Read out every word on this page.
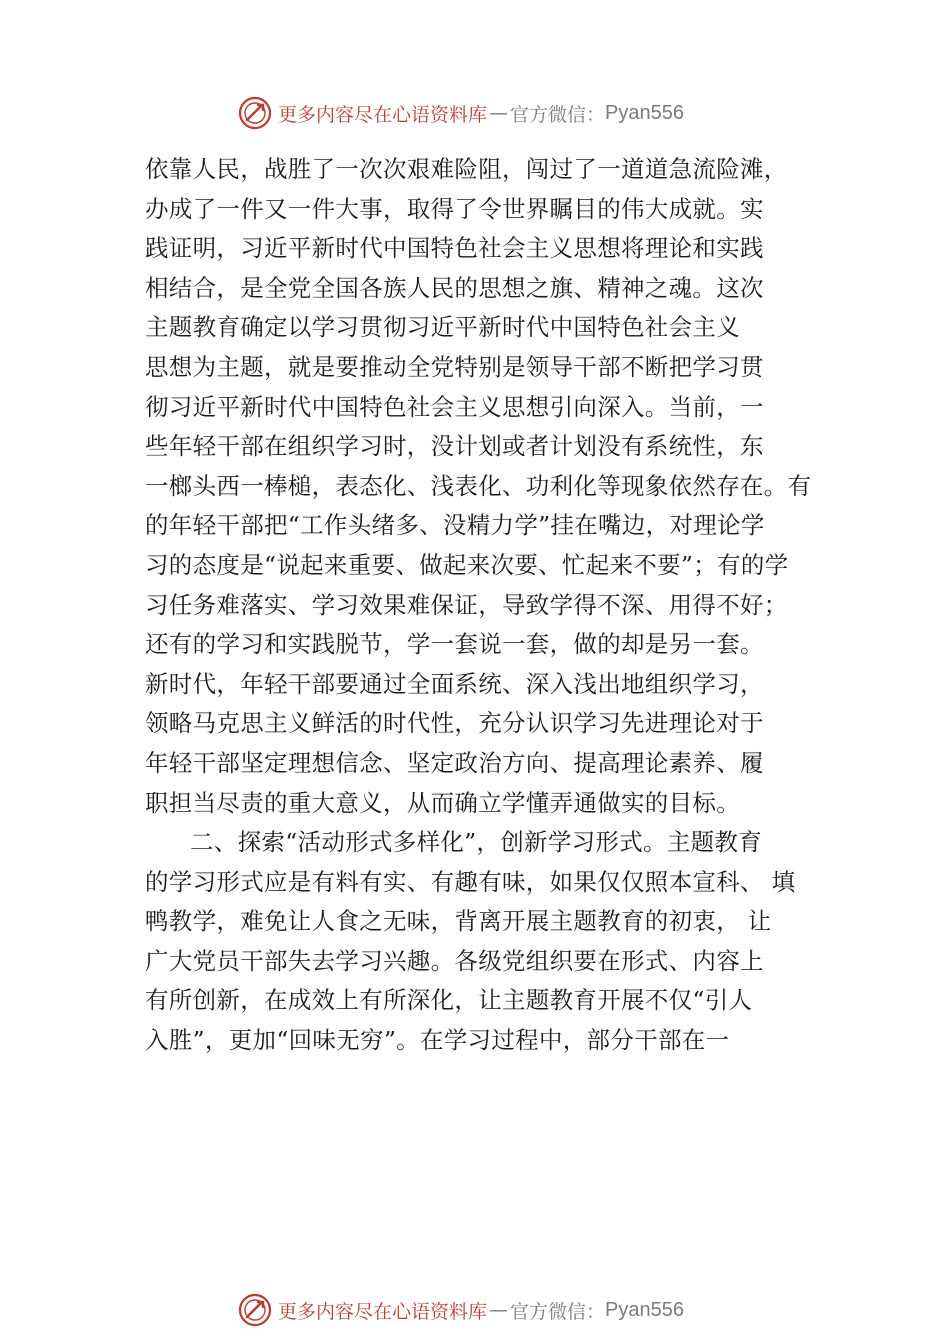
更多内容尽在心语资料库 — 官方微信： Pyan556
依靠人民，战胜了一次次艰难险阻，闯过了一道道急流险滩，
办成了一件又一件大事，取得了令世界瞩目的伟大成就。实
践证明，习近平新时代中国特色社会主义思想将理论和实践
相结合，是全党全国各族人民的思想之旗、精神之魂。这次
主题教育确定以学习贯彻习近平新时代中国特色社会主义
思想为主题，就是要推动全党特别是领导干部不断把学习贯
彻习近平新时代中国特色社会主义思想引向深入。当前，一
些年轻干部在组织学习时，没计划或者计划没有系统性，东
一榔头西一棒槌，表态化、浅表化、功利化等现象依然存在。有
的年轻干部把“工作头绪多、没精力学”挂在嘴边，对理论学
习的态度是“说起来重要、做起来次要、忙起来不要”；有的学
习任务难落实、学习效果难保证，导致学得不深、用得不好；
还有的学习和实践脱节，学一套说一套，做的却是另一套。
新时代，年轻干部要通过全面系统、深入浅出地组织学习，
领略马克思主义鲜活的时代性，充分认识学习先进理论对于
年轻干部坚定理想信念、坚定政治方向、提高理论素养、履
职担当尽责的重大意义，从而确立学懂弄通做实的目标。
二、探索“活动形式多样化”，创新学习形式。主题教育
的学习形式应是有料有实、有趣有味，如果仅仅照本宣科、 填
鸭教学，难免让人食之无味，背离开展主题教育的初衷， 让
广大党员干部失去学习兴趣。各级党组织要在形式、内容上
有所创新，在成效上有所深化，让主题教育开展不仅“引人
入胜”，更加“回味无穷”。在学习过程中，部分干部在一
更多内容尽在心语资料库 — 官方微信： Pyan556
